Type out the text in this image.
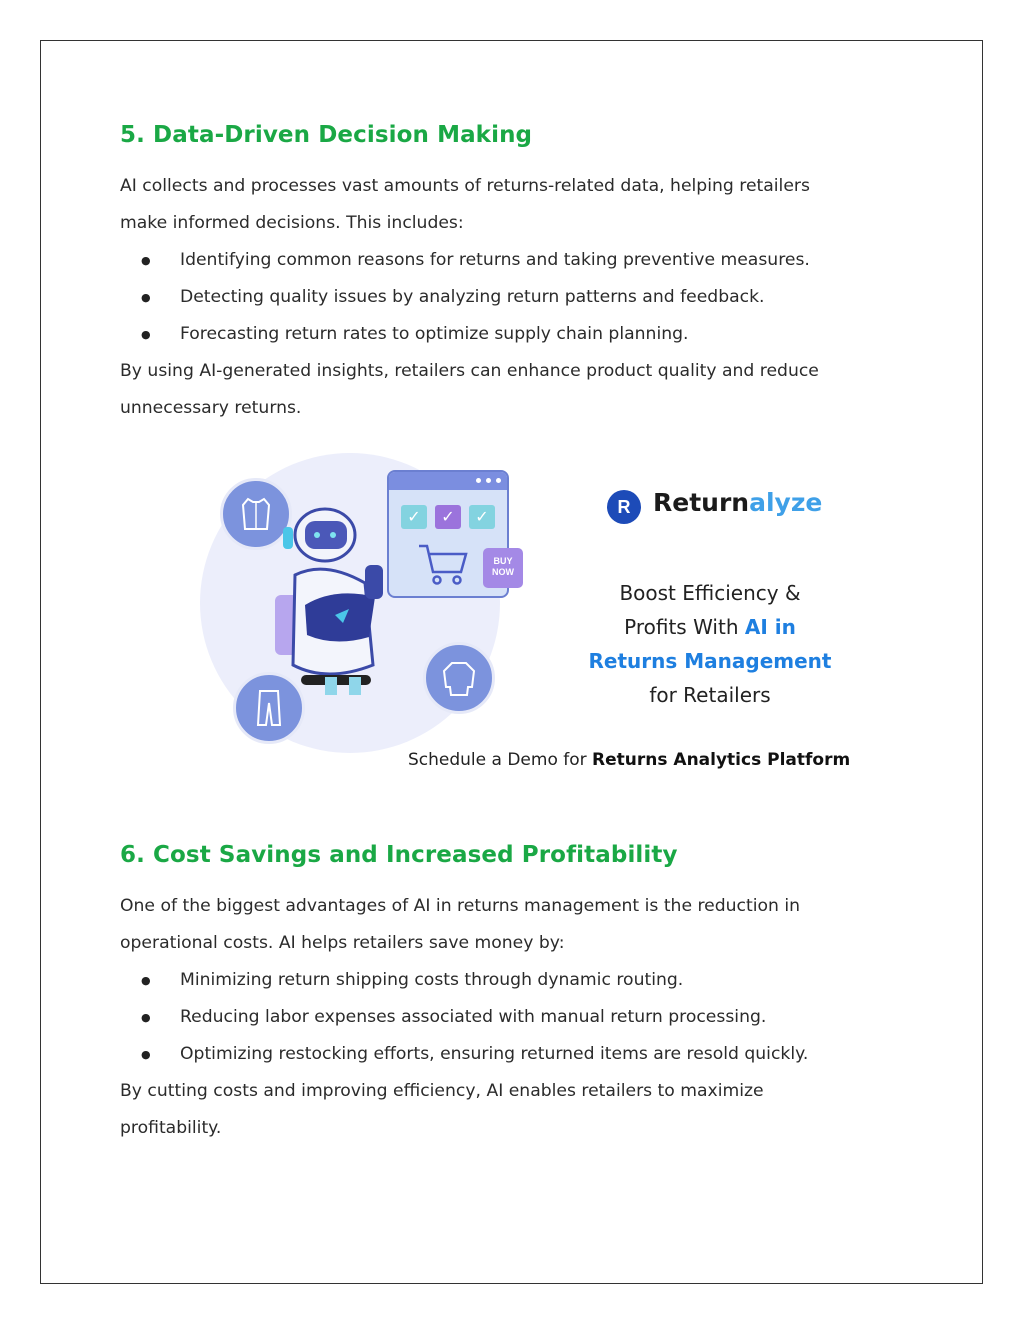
5. Data-Driven Decision Making

AI collects and processes vast amounts of returns-related data, helping retailers

make informed decisions. This includes:

● Identifying common reasons for returns and taking preventive measures.
● Detecting quality issues by analyzing return patterns and feedback.
● Forecasting return rates to optimize supply chain planning.

By using AI-generated insights, retailers can enhance product quality and reduce

unnecessary returns.

✓	✓	✓
BUY
NOW
R Returnalyze
Boost Efficiency &
Profits With AI in
Returns Management
for Retailers
Schedule a Demo for Returns Analytics Platform
6. Cost Savings and Increased Profitability

One of the biggest advantages of AI in returns management is the reduction in

operational costs. AI helps retailers save money by:

● Minimizing return shipping costs through dynamic routing.
● Reducing labor expenses associated with manual return processing.
● Optimizing restocking efforts, ensuring returned items are resold quickly.

By cutting costs and improving efficiency, AI enables retailers to maximize

profitability.
